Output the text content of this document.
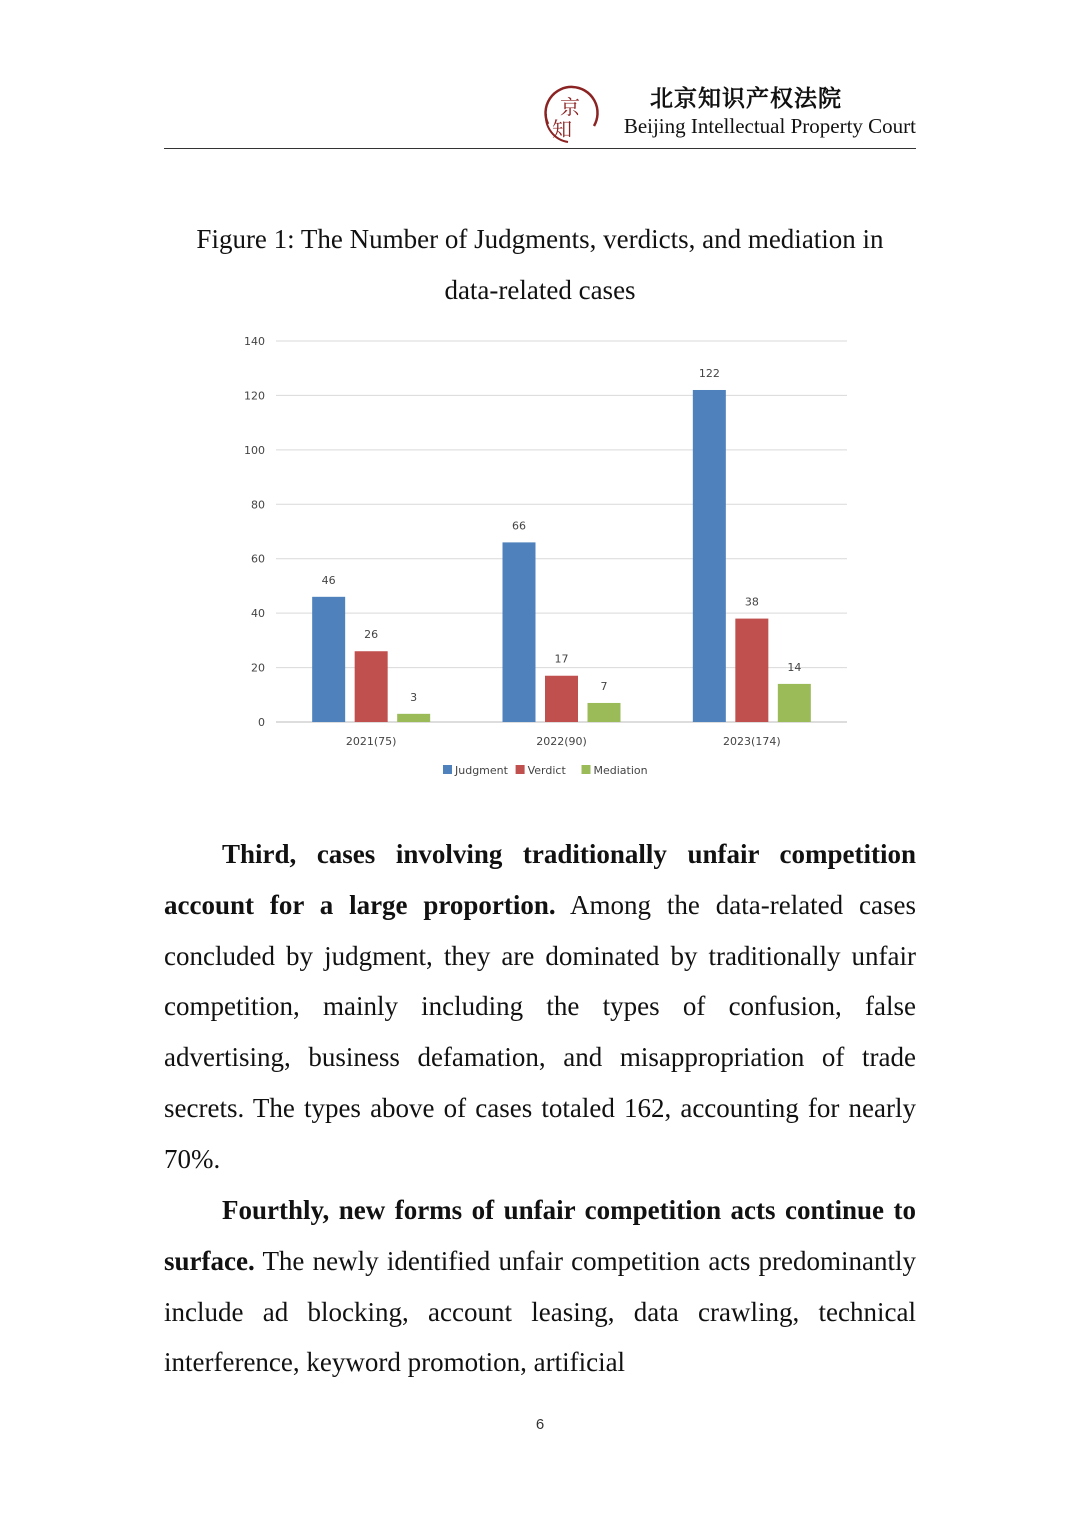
京
知
北京知识产权法院
Beijing Intellectual Property Court
Figure 1: The Number of Judgments, verdicts, and mediation in
data-related cases
0
20
40
60
80
100
120
140
2021(75)
46
26
3
2022(90)
66
17
7
2023(174)
122
38
14
Judgment Verdict	Mediation

Third, cases involving traditionally unfair competition account for a large proportion. Among the data-related cases concluded by judgment, they are dominated by traditionally unfair competition, mainly including the types of confusion, false advertising, business defamation, and misappropriation of trade secrets. The types above of cases totaled 162, accounting for nearly 70%.

Fourthly, new forms of unfair competition acts continue to surface. The newly identified unfair competition acts predominantly include ad blocking, account leasing, data crawling, technical interference, keyword promotion, artificial

6
